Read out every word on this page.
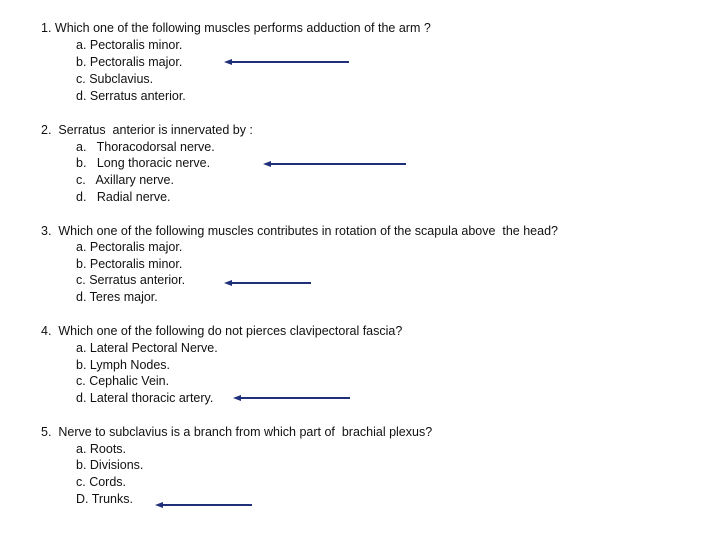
1. Which one of the following muscles performs adduction of the arm ?
a. Pectoralis minor.
b. Pectoralis major.
c. Subclavius.
d. Serratus anterior.
2.  Serratus  anterior is innervated by :
a.   Thoracodorsal nerve.
b.   Long thoracic nerve.
c.   Axillary nerve.
d.   Radial nerve.
3.  Which one of the following muscles contributes in rotation of the scapula above  the head?
a. Pectoralis major.
b. Pectoralis minor.
c. Serratus anterior.
d. Teres major.
4.  Which one of the following do not pierces clavipectoral fascia?
a. Lateral Pectoral Nerve.
b. Lymph Nodes.
c. Cephalic Vein.
d. Lateral thoracic artery.
5.  Nerve to subclavius is a branch from which part of  brachial plexus?
a. Roots.
b. Divisions.
c. Cords.
D. Trunks.
